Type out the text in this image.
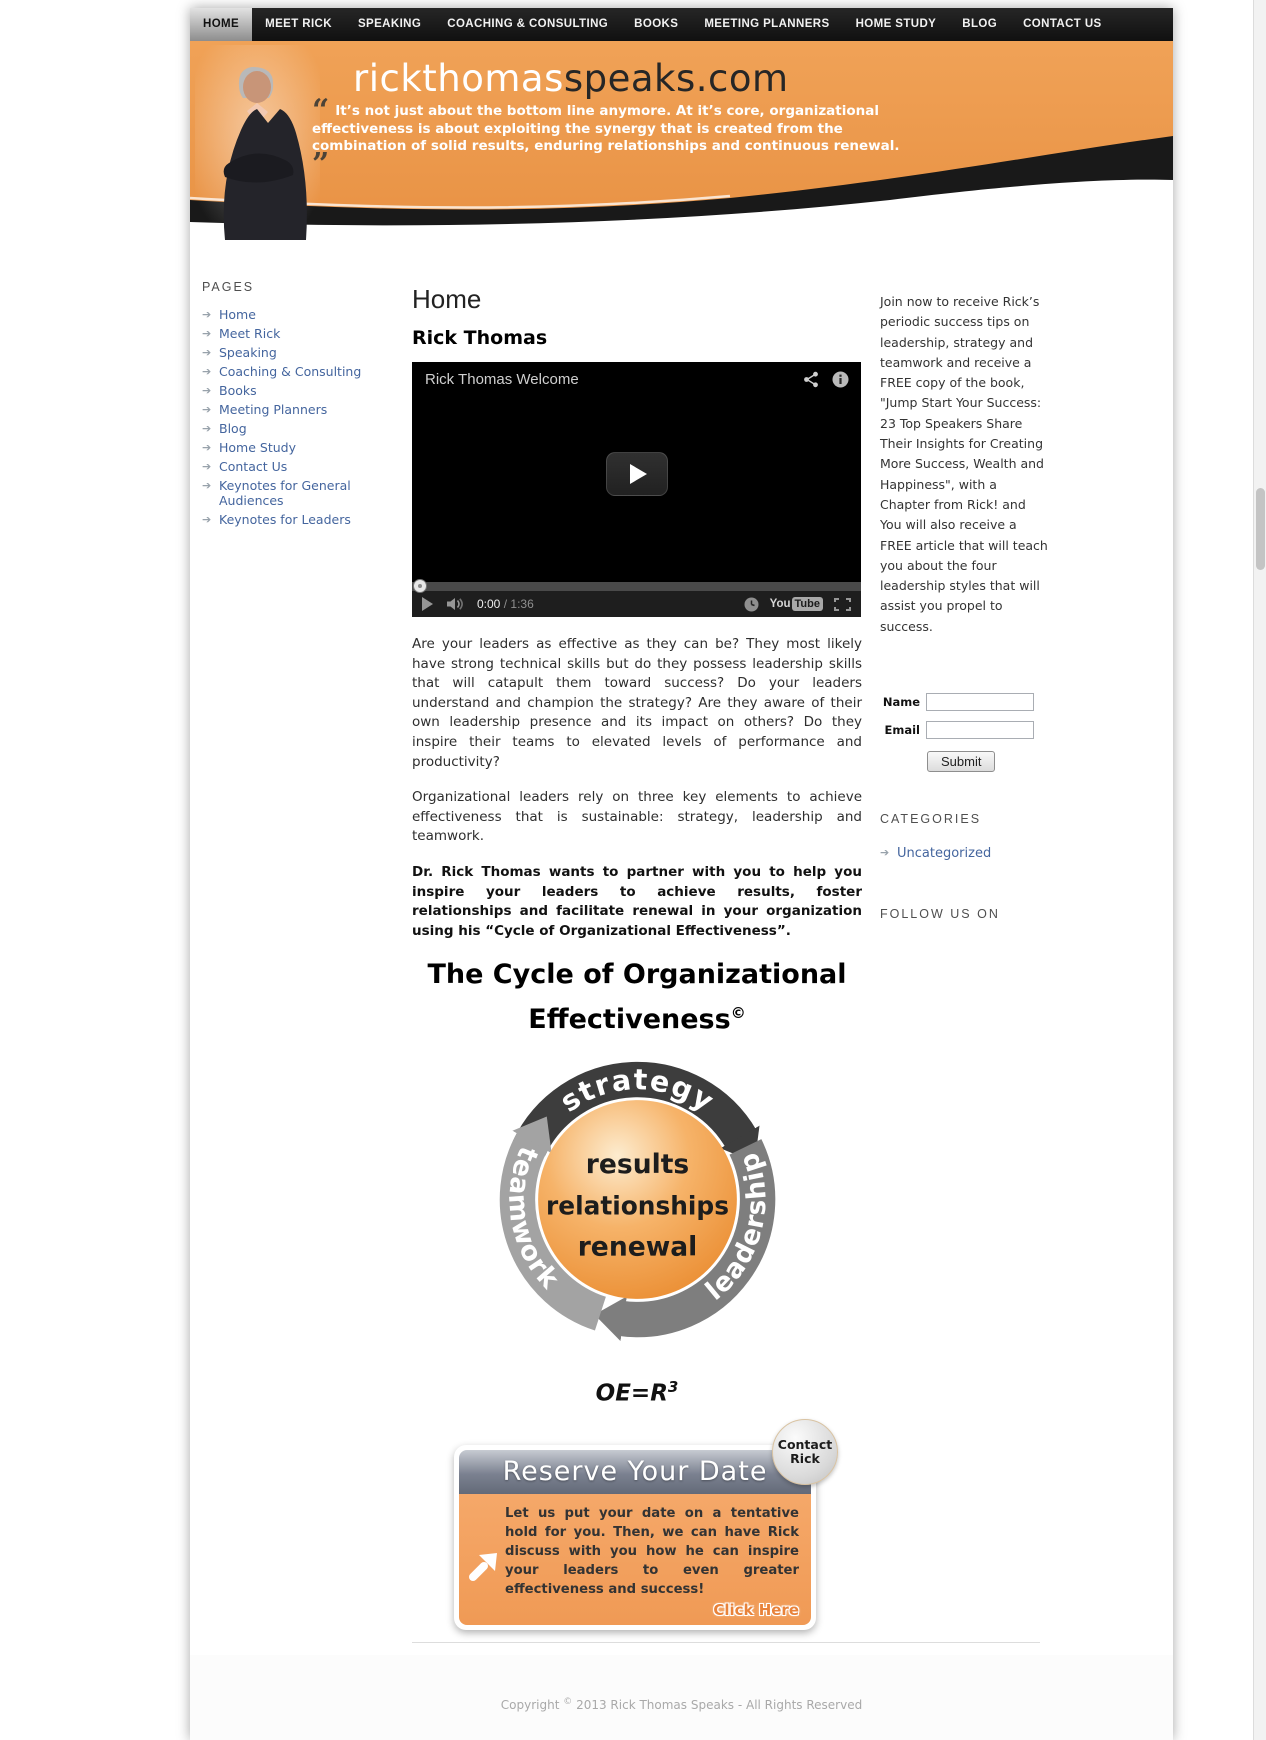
HOME	MEET RICK	SPEAKING	COACHING & CONSULTING	BOOKS	MEETING PLANNERS	HOME STUDY	BLOG	CONTACT US
rickthomasspeaks.com
“ It’s not just about the bottom line anymore. At it’s core, organizational effectiveness is about exploiting the synergy that is created from the combination of solid results, enduring relationships and continuous renewal. ”
PAGES
➔ Home
➔ Meet Rick
➔ Speaking
➔ Coaching & Consulting
➔ Books
➔ Meeting Planners
➔ Blog
➔ Home Study
➔ Contact Us
➔ Keynotes for General Audiences
➔ Keynotes for Leaders
Home
Rick Thomas
Rick Thomas Welcome
0:00 / 1:36	You Tube

Are your leaders as effective as they can be? They most likely have strong technical skills but do they possess leadership skills that will catapult them toward success? Do your leaders understand and champion the strategy? Are they aware of their own leadership presence and its impact on others? Do they inspire their teams to elevated levels of performance and productivity?

Organizational leaders rely on three key elements to achieve effectiveness that is sustainable: strategy, leadership and teamwork.

Dr. Rick Thomas wants to partner with you to help you inspire your leaders to achieve results, foster relationships and facilitate renewal in your organization using his “Cycle of Organizational Effectiveness”.

The Cycle of Organizational
Effectiveness©
strategy
leadership
teamwork
results
relationships
renewal
$OE=R^3$
Reserve Your Date

Let us put your date on a tentative hold for you. Then, we can have Rick discuss with you how he can inspire your leaders to even greater effectiveness and success!

Click Here
Contact
Rick

Join now to receive Rick’s periodic success tips on leadership, strategy and teamwork and receive a FREE copy of the book, "Jump Start Your Success: 23 Top Speakers Share Their Insights for Creating More Success, Wealth and Happiness", with a Chapter from Rick! and You will also receive a FREE article that will teach you about the four leadership styles that will assist you propel to success.

Name
Email
Submit
CATEGORIES
➔ Uncategorized
FOLLOW US ON

Copyright © 2013 Rick Thomas Speaks - All Rights Reserved
